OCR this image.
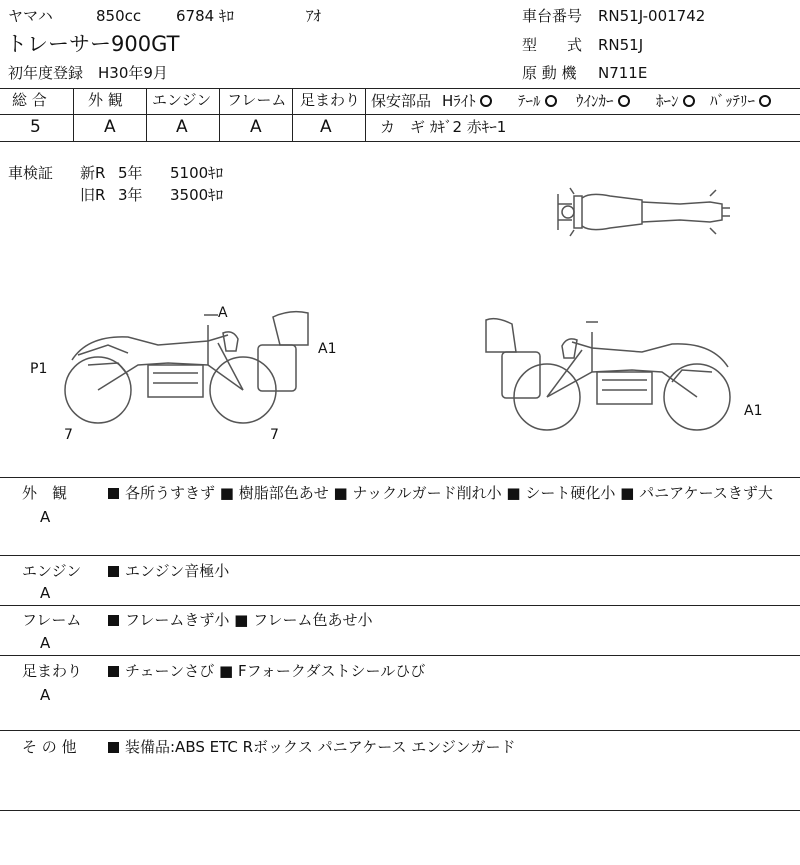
ヤマハ	850cc 6784 ｷﾛ	ｱｵ
トレーサー900GT
初年度登録 H30年9月
車台番号 RN51J-001742
型　　式 RN51J
原 動 機 N711E
総 合	外 観 エンジン フレーム 足まわり
5	A	A	A	A
保安部品 Hﾗｲﾄ	ﾃｰﾙ	ｳｲﾝｶｰ	ﾎｰﾝ	ﾊﾞｯﾃﾘｰ
カ　ギ ｶｷﾞ2 赤ｷｰ1
車検証 新R 5年 5100ｷﾛ
旧R 3年 3500ｷﾛ
A
A1
P1
7	7
A1
外　観	各所うすきず ■ 樹脂部色あせ ■ ナックルガード削れ小 ■ シート硬化小 ■ パニアケースきず大
A
エンジン	エンジン音極小
A
フレーム	フレームきず小 ■ フレーム色あせ小
A
足まわり	チェーンさび ■ Fフォークダストシールひび
A
そ の 他	装備品:ABS ETC Rボックス パニアケース エンジンガード
